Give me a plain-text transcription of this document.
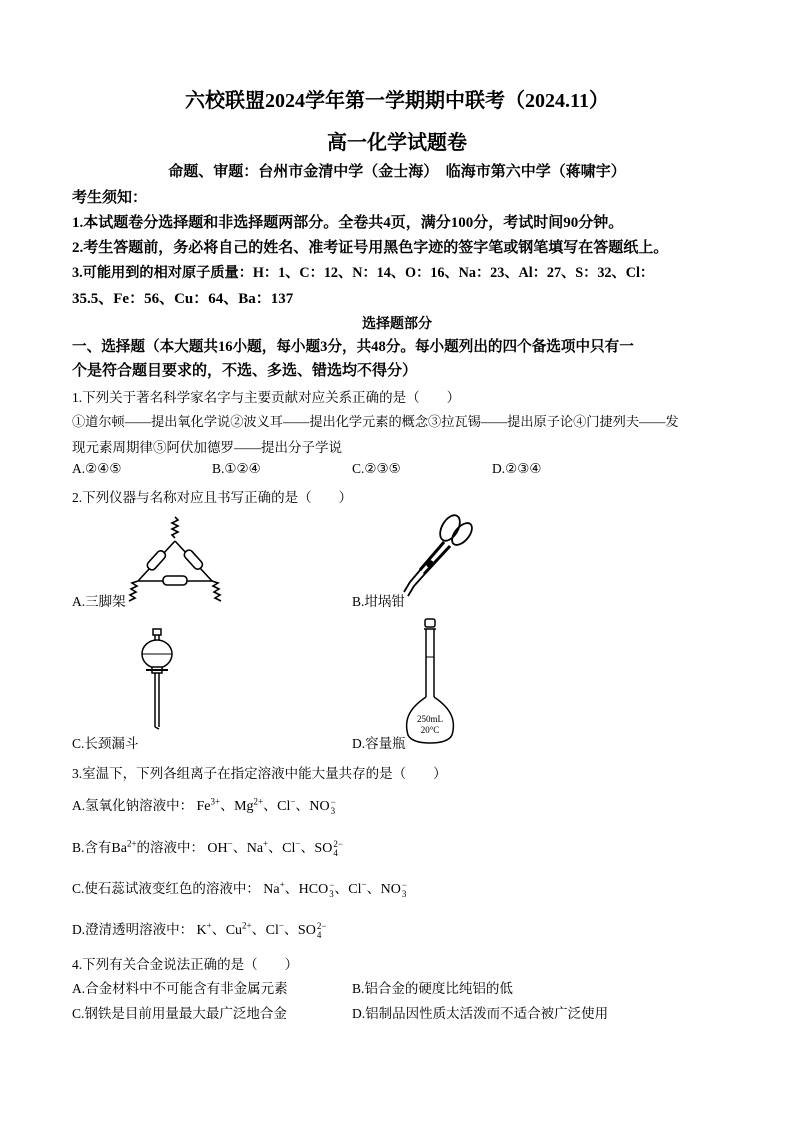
六校联盟2024学年第一学期期中联考（2024.11）
高一化学试题卷
命题、审题：台州市金清中学（金士海）　临海市第六中学（蒋啸宇）
考生须知：
1.本试题卷分选择题和非选择题两部分。全卷共4页，满分100分，考试时间90分钟。
2.考生答题前，务必将自己的姓名、准考证号用黑色字迹的签字笔或钢笔填写在答题纸上。
3.可能用到的相对原子质量：H：1、C：12、N：14、O：16、Na：23、Al：27、S：32、Cl：
35.5、Fe：56、Cu：64、Ba：137
选择题部分
一、选择题（本大题共16小题，每小题3分，共48分。每小题列出的四个备选项中只有一
个是符合题目要求的，不选、多选、错选均不得分）
1.下列关于著名科学家名字与主要贡献对应关系正确的是（　　）
①道尔顿——提出氧化学说②波义耳——提出化学元素的概念③拉瓦锡——提出原子论④门捷列夫——发
现元素周期律⑤阿伏加德罗——提出分子学说
A.②④⑤	B.①②④	C.②③⑤	D.②③④
2.下列仪器与名称对应且书写正确的是（　　）
A.三脚架	B.坩埚钳
C.长颈漏斗
250mL
20°C
D.容量瓶
3.室温下，下列各组离子在指定溶液中能大量共存的是（　　）
A.氢氧化钠溶液中： $Fe^{3+}$、$Mg^{2+}$、Cl−、NO −
3
B.含有$Ba^{2+}$的溶液中： OH−、Na+、Cl−、SO 2−
4
C.使石蕊试液变红色的溶液中： Na+、HCO −
3 、Cl−、NO −
3
D.澄清透明溶液中： K+、$Cu^{2+}$、Cl−、SO 2−
4
4.下列有关合金说法正确的是（　　）
A.合金材料中不可能含有非金属元素	B.铝合金的硬度比纯铝的低
C.钢铁是目前用量最大最广泛地合金	D.铝制品因性质太活泼而不适合被广泛使用
